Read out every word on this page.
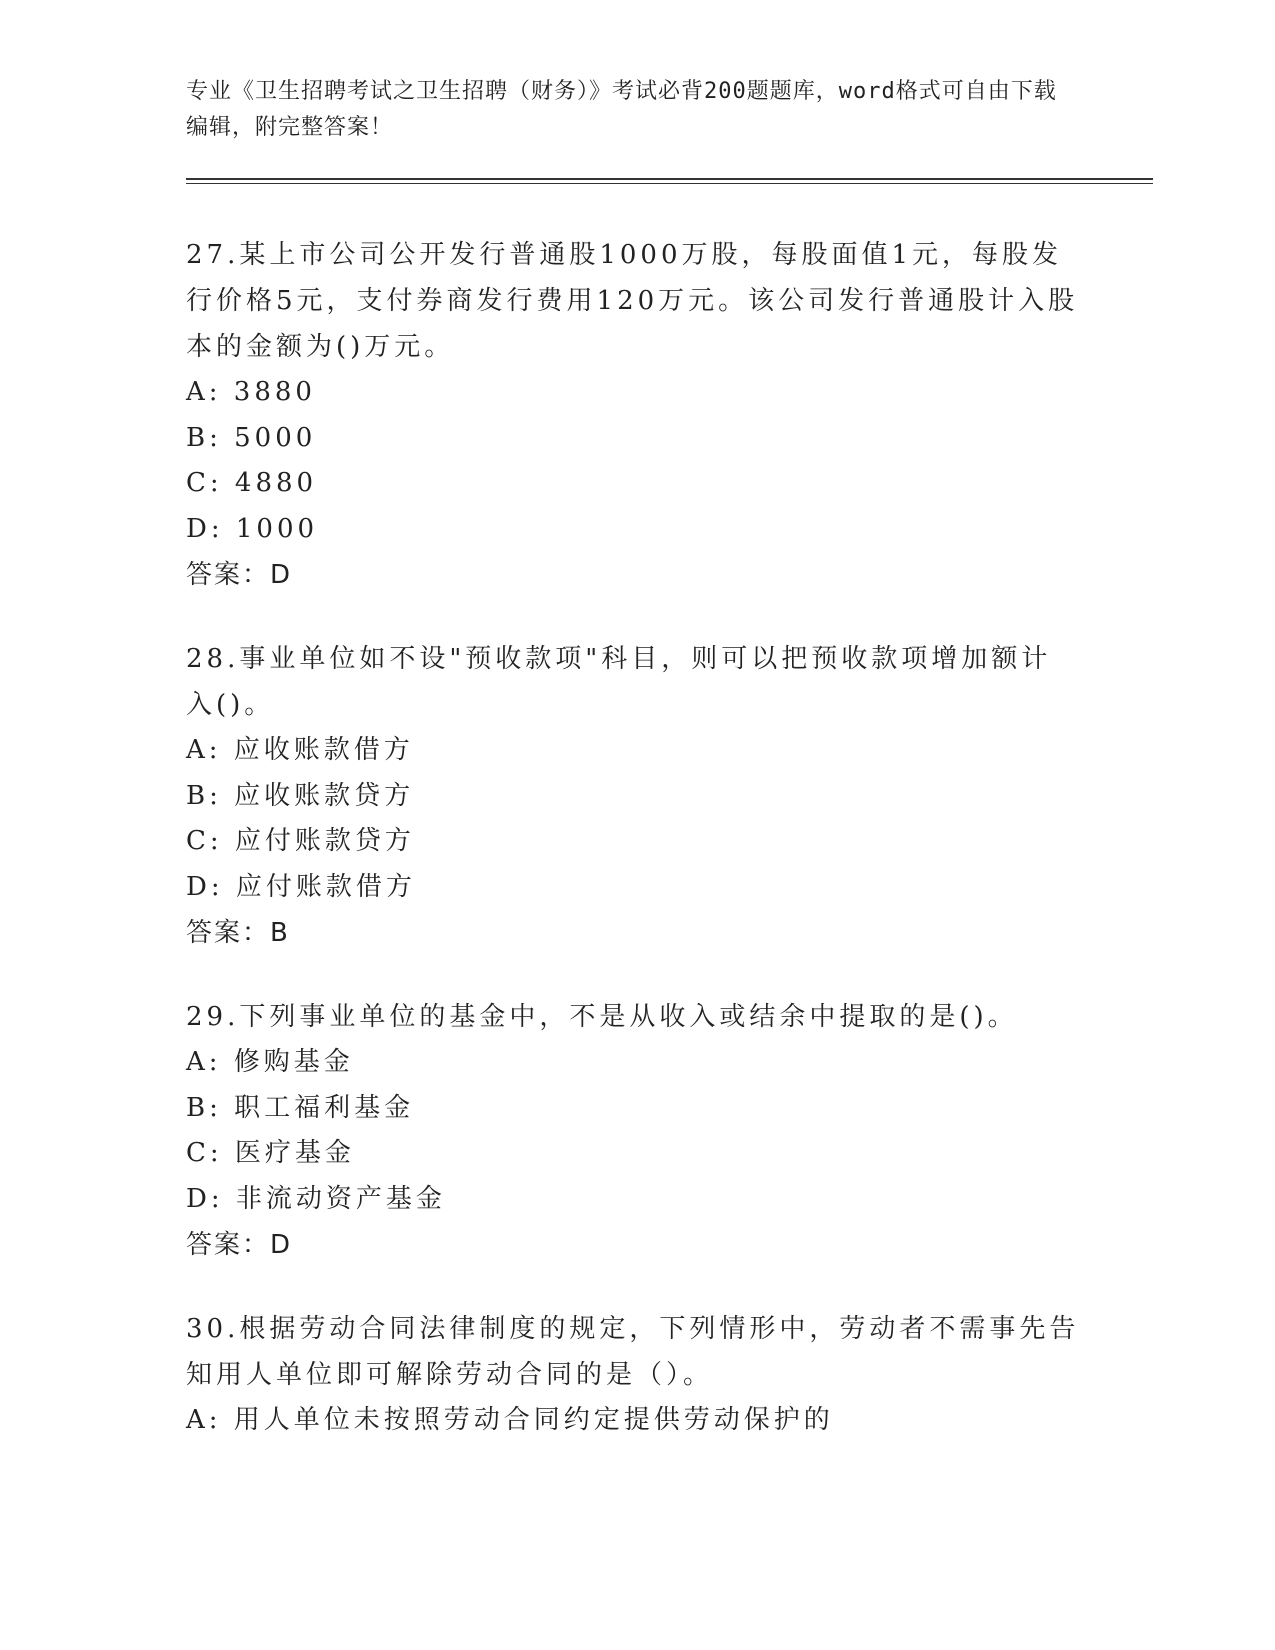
专业《卫生招聘考试之卫生招聘（财务）》考试必背200题题库，word格式可自由下载编辑，附完整答案！
27.某上市公司公开发行普通股1000万股，每股面值1元，每股发行价格5元，支付券商发行费用120万元。该公司发行普通股计入股本的金额为()万元。
A: 3880
B: 5000
C: 4880
D: 1000
答案：D
28.事业单位如不设"预收款项"科目，则可以把预收款项增加额计入()。
A: 应收账款借方
B: 应收账款贷方
C: 应付账款贷方
D: 应付账款借方
答案：B
29.下列事业单位的基金中，不是从收入或结余中提取的是()。
A: 修购基金
B: 职工福利基金
C: 医疗基金
D: 非流动资产基金
答案：D
30.根据劳动合同法律制度的规定，下列情形中，劳动者不需事先告知用人单位即可解除劳动合同的是（）。
A: 用人单位未按照劳动合同约定提供劳动保护的
